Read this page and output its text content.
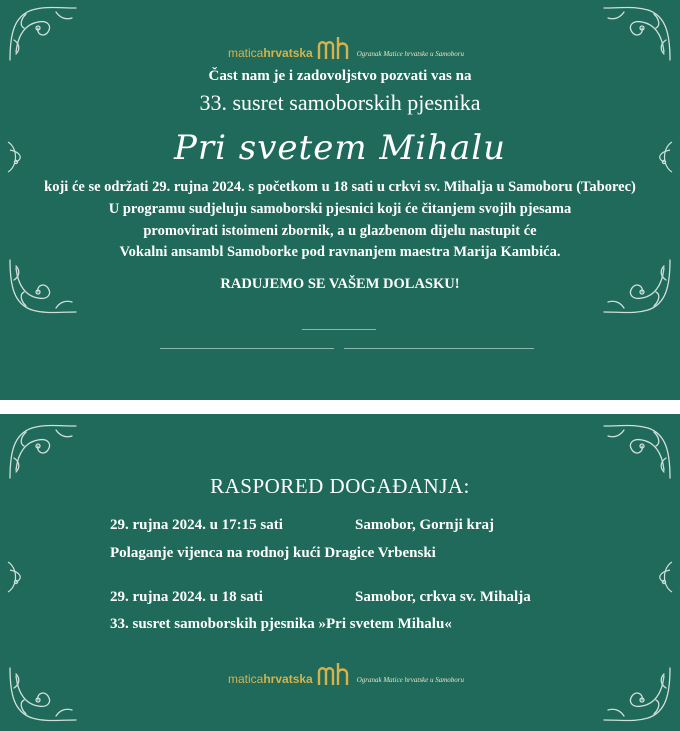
matica hrvatska	Ogranak Matice hrvatske u Samoboru
Čast nam je i zadovoljstvo pozvati vas na
33. susret samoborskih pjesnika
Pri svetem Mihalu
koji će se održati 29. rujna 2024. s početkom u 18 sati u crkvi sv. Mihalja u Samoboru (Taborec)
U programu sudjeluju samoborski pjesnici koji će čitanjem svojih pjesama
promovirati istoimeni zbornik, a u glazbenom dijelu nastupit će
Vokalni ansambl Samoborke pod ravnanjem maestra Marija Kambića.
RADUJEMO SE VAŠEM DOLASKU!
RASPORED DOGAĐANJA:
29. rujna 2024. u 17:15 sati	Samobor, Gornji kraj
Polaganje vijenca na rodnoj kući Dragice Vrbenski
29. rujna 2024. u 18 sati	Samobor, crkva sv. Mihalja
33. susret samoborskih pjesnika »Pri svetem Mihalu«
matica hrvatska	Ogranak Matice hrvatske u Samoboru
